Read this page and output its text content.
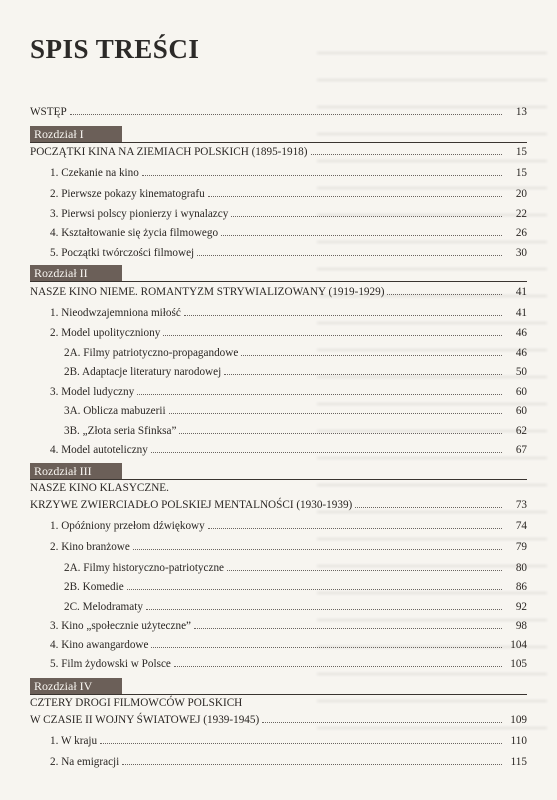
SPIS TREŚCI
WSTĘP	13
Rozdział I
POCZĄTKI KINA NA ZIEMIACH POLSKICH (1895-1918)	15
1. Czekanie na kino	15
2. Pierwsze pokazy kinematografu	20
3. Pierwsi polscy pionierzy i wynalazcy	22
4. Kształtowanie się życia filmowego	26
5. Początki twórczości filmowej	30
Rozdział II
NASZE KINO NIEME. ROMANTYZM STRYWIALIZOWANY (1919-1929)	41
1. Nieodwzajemniona miłość	41
2. Model upolityczniony	46
2A. Filmy patriotyczno-propagandowe	46
2B. Adaptacje literatury narodowej	50
3. Model ludyczny	60
3A. Oblicza mabuzerii	60
3B. „Złota seria Sfinksa”	62
4. Model autoteliczny	67
Rozdział III
NASZE KINO KLASYCZNE.
KRZYWE ZWIERCIADŁO POLSKIEJ MENTALNOŚCI (1930-1939)	73
1. Opóźniony przełom dźwiękowy	74
2. Kino branżowe	79
2A. Filmy historyczno-patriotyczne	80
2B. Komedie	86
2C. Melodramaty	92
3. Kino „społecznie użyteczne”	98
4. Kino awangardowe	104
5. Film żydowski w Polsce	105
Rozdział IV
CZTERY DROGI FILMOWCÓW POLSKICH
W CZASIE II WOJNY ŚWIATOWEJ (1939-1945)	109
1. W kraju	110
2. Na emigracji	115
